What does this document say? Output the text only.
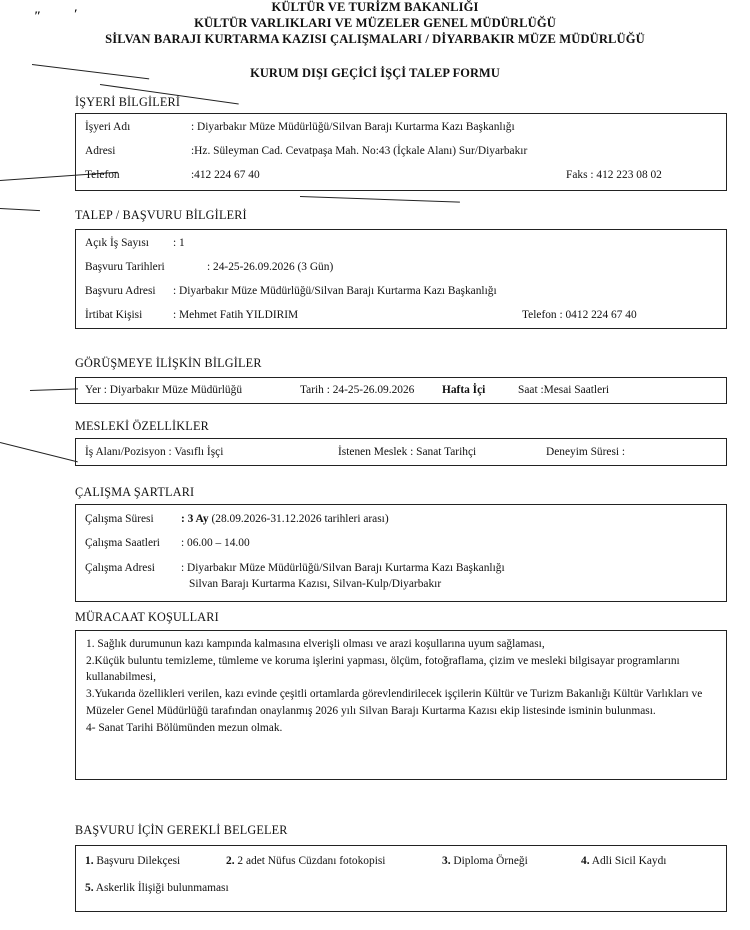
KÜLTÜR VE TURİZM BAKANLIĞI
KÜLTÜR VARLIKLARI VE MÜZELER GENEL MÜDÜRLÜĞÜ
SİLVAN BARAJI KURTARMA KAZISI ÇALIŞMALARI / DİYARBAKIR MÜZE MÜDÜRLÜĞÜ
ʺ	ʹ
KURUM DIŞI GEÇİCİ İŞÇİ TALEP FORMU
İŞYERİ BİLGİLERİ
İşyeri Adı	: Diyarbakır Müze Müdürlüğü/Silvan Barajı Kurtarma Kazı Başkanlığı
Adresi	:Hz. Süleyman Cad. Cevatpaşa Mah. No:43 (İçkale Alanı) Sur/Diyarbakır
Telefon	:412 224 67 40	Faks : 412 223 08 02
TALEP / BAŞVURU BİLGİLERİ
Açık İş Sayısı : 1
Başvuru Tarihleri	: 24-25-26.09.2026 (3 Gün)
Başvuru Adresi : Diyarbakır Müze Müdürlüğü/Silvan Barajı Kurtarma Kazı Başkanlığı
İrtibat Kişisi	: Mehmet Fatih YILDIRIM	Telefon : 0412 224 67 40
GÖRÜŞMEYE İLİŞKİN BİLGİLER
Yer : Diyarbakır Müze Müdürlüğü	Tarih : 24-25-26.09.2026 Hafta İçi	Saat :Mesai Saatleri
MESLEKİ ÖZELLİKLER
İş Alanı/Pozisyon : Vasıflı İşçi	İstenen Meslek : Sanat Tarihçi	Deneyim Süresi :
ÇALIŞMA ŞARTLARI
Çalışma Süresi : 3 Ay (28.09.2026-31.12.2026 tarihleri arası)
Çalışma Saatleri : 06.00 – 14.00
Çalışma Adresi : Diyarbakır Müze Müdürlüğü/Silvan Barajı Kurtarma Kazı Başkanlığı
Silvan Barajı Kurtarma Kazısı, Silvan-Kulp/Diyarbakır
MÜRACAAT KOŞULLARI
1. Sağlık durumunun kazı kampında kalmasına elverişli olması ve arazi koşullarına uyum sağlaması,
2.Küçük buluntu temizleme, tümleme ve koruma işlerini yapması, ölçüm, fotoğraflama, çizim ve mesleki bilgisayar programlarını kullanabilmesi,
3.Yukarıda özellikleri verilen, kazı evinde çeşitli ortamlarda görevlendirilecek işçilerin Kültür ve Turizm Bakanlığı Kültür Varlıkları ve Müzeler Genel Müdürlüğü tarafından onaylanmış 2026 yılı Silvan Barajı Kurtarma Kazısı ekip listesinde isminin bulunması.
4- Sanat Tarihi Bölümünden mezun olmak.
BAŞVURU İÇİN GEREKLİ BELGELER
1. Başvuru Dilekçesi	2. 2 adet Nüfus Cüzdanı fotokopisi	3. Diploma Örneği	4. Adli Sicil Kaydı
5. Askerlik İlişiği bulunmaması
